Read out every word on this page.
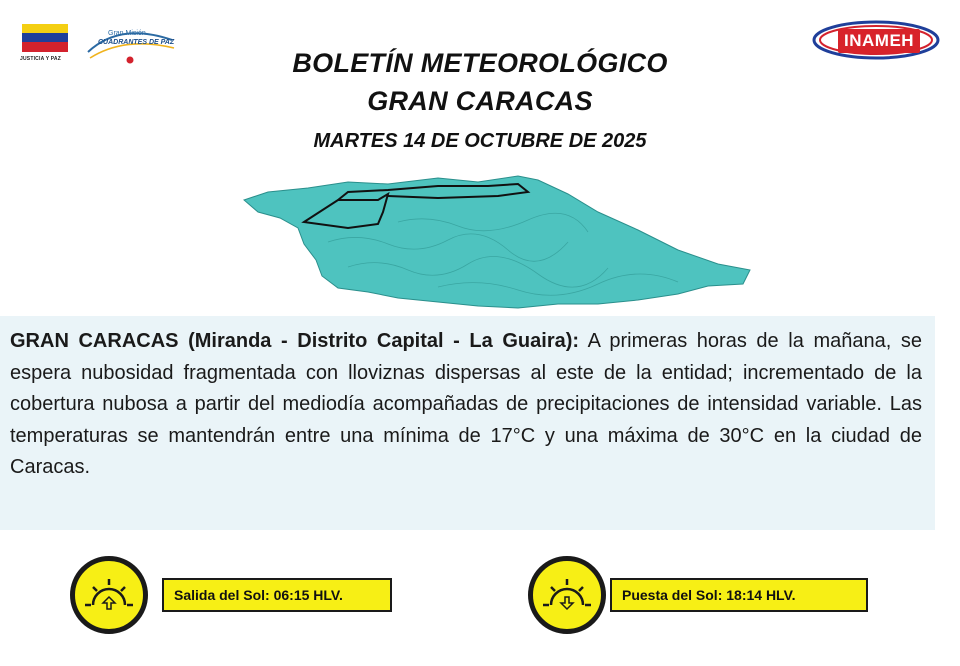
JUSTICIA Y PAZ
Gran Misión
CUADRANTES DE PAZ	INAMEH
BOLETÍN METEOROLÓGICO
GRAN CARACAS
MARTES 14 DE OCTUBRE DE 2025
GRAN CARACAS (Miranda - Distrito Capital - La Guaira): A primeras horas de la mañana, se espera nubosidad fragmentada con lloviznas dispersas al este de la entidad; incrementado de la cobertura nubosa a partir del mediodía acompañadas de precipitaciones de intensidad variable. Las temperaturas se mantendrán entre una mínima de 17°C y una máxima de 30°C en la ciudad de Caracas.
Salida del Sol: 06:15 HLV.	Puesta del Sol: 18:14 HLV.
